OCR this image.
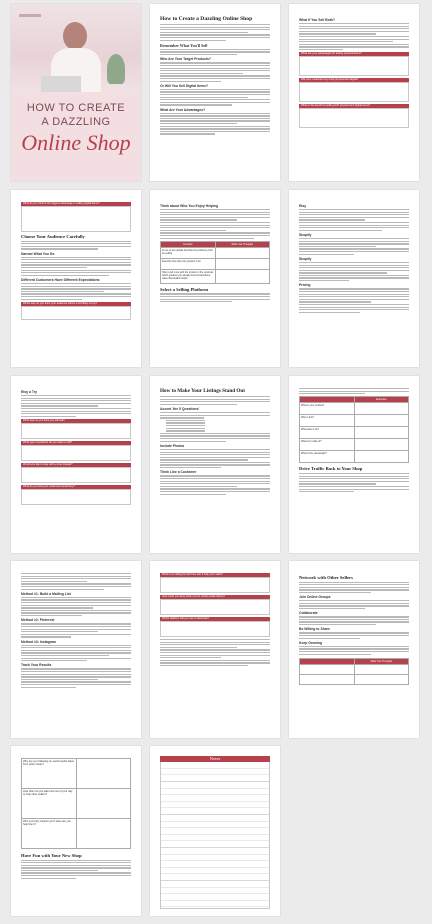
HOW TO CREATE
A DAZZLING
Online Shop
How to Create a Dazzling Online Shop
Remember What You'll Sell
Who Are Your Target Products?
Or Will You Sell Digital Items?
What Are Your Advantages?
What If You Sell Both?
What are your advantages for selling physical items?
Will your customers buy both physical and digital?
What is the benefit of selling both physical and digital items?
What do you think is the biggest advantage to selling digital items?
Choose Your Audience Carefully
Narrow What You Do
Different Customers Have Different Expectations
Which way do you think your audience will be most likely to buy?
Think about Who You Enjoy Helping
Consider	What Your Thoughts
Is one of two details describe the products you'll be selling	
Describe how often the product is for	
How to tell more with the product in the reminder which greatest you already know broad about, value that details helpful	
Select a Selling Platform
Etsy
Shopify
Shopify
Pricing
Etsy a Try
What fees do you think you will sell?
What type of products do you want to sell?
Would you like to stay with a shop instead?
What do you feel your customers would buy?
How to Make Your Listings Stand Out
Accent 'the 5 Questions'
Include Photos
Think Like a Customer
	Examples
What is your product?	
Who is this?	
What does it do?	
What is it made of?	
What is the size/weight?	
Drive Traffic Back to Your Shop
Method #1: Build a Mailing List
Method #2: Pinterest
Method #3: Instagram
Track Your Results
What is a mailing list and how can it help your sales?
How could you keep track of your social media efforts?
Which platform will you use to advertise?
Network with Other Sellers
Join Online Groups
Collaborate
Be Willing to Share
Keep Growing
	What Your Thoughts

Why are you following on social media ideas from other shops?	
How often do you take time out of your day to help other sellers?	
Who currently inspires you? How can you help them?	
Have Fun with Your New Shop
Notes
